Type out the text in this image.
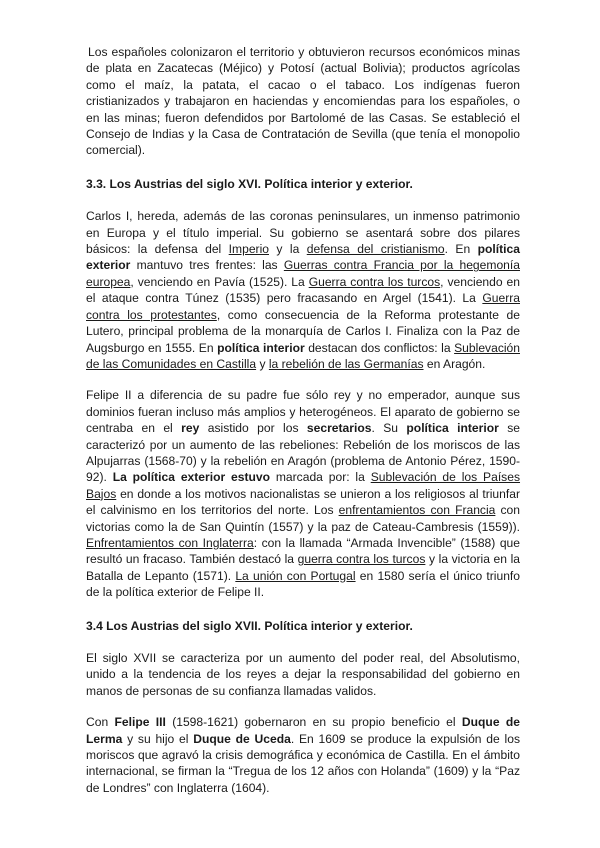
Los españoles colonizaron el territorio y obtuvieron recursos económicos minas de plata en Zacatecas (Méjico) y Potosí (actual Bolivia); productos agrícolas como el maíz, la patata, el cacao o el tabaco. Los indígenas fueron cristianizados y trabajaron en haciendas y encomiendas para los españoles, o en las minas; fueron defendidos por Bartolomé de las Casas. Se estableció el Consejo de Indias y la Casa de Contratación de Sevilla (que tenía el monopolio comercial).

3.3. Los Austrias del siglo XVI. Política interior y exterior.

Carlos I, hereda, además de las coronas peninsulares, un inmenso patrimonio en Europa y el título imperial. Su gobierno se asentará sobre dos pilares básicos: la defensa del Imperio y la defensa del cristianismo. En política exterior mantuvo tres frentes: las Guerras contra Francia por la hegemonía europea, venciendo en Pavía (1525). La Guerra contra los turcos, venciendo en el ataque contra Túnez (1535) pero fracasando en Argel (1541). La Guerra contra los protestantes, como consecuencia de la Reforma protestante de Lutero, principal problema de la monarquía de Carlos I. Finaliza con la Paz de Augsburgo en 1555. En política interior destacan dos conflictos: la Sublevación de las Comunidades en Castilla y la rebelión de las Germanías en Aragón.

Felipe II a diferencia de su padre fue sólo rey y no emperador, aunque sus dominios fueran incluso más amplios y heterogéneos. El aparato de gobierno se centraba en el rey asistido por los secretarios. Su política interior se caracterizó por un aumento de las rebeliones: Rebelión de los moriscos de las Alpujarras (1568-70) y la rebelión en Aragón (problema de Antonio Pérez, 1590-92). La política exterior estuvo marcada por: la Sublevación de los Países Bajos en donde a los motivos nacionalistas se unieron a los religiosos al triunfar el calvinismo en los territorios del norte. Los enfrentamientos con Francia con victorias como la de San Quintín (1557) y la paz de Cateau-Cambresis (1559)). Enfrentamientos con Inglaterra: con la llamada “Armada Invencible” (1588) que resultó un fracaso. También destacó la guerra contra los turcos y la victoria en la Batalla de Lepanto (1571). La unión con Portugal en 1580 sería el único triunfo de la política exterior de Felipe II.

3.4 Los Austrias del siglo XVII. Política interior y exterior.

El siglo XVII se caracteriza por un aumento del poder real, del Absolutismo, unido a la tendencia de los reyes a dejar la responsabilidad del gobierno en manos de personas de su confianza llamadas validos.

Con Felipe III (1598-1621) gobernaron en su propio beneficio el Duque de Lerma y su hijo el Duque de Uceda. En 1609 se produce la expulsión de los moriscos que agravó la crisis demográfica y económica de Castilla. En el ámbito internacional, se firman la “Tregua de los 12 años con Holanda” (1609) y la “Paz de Londres” con Inglaterra (1604).
